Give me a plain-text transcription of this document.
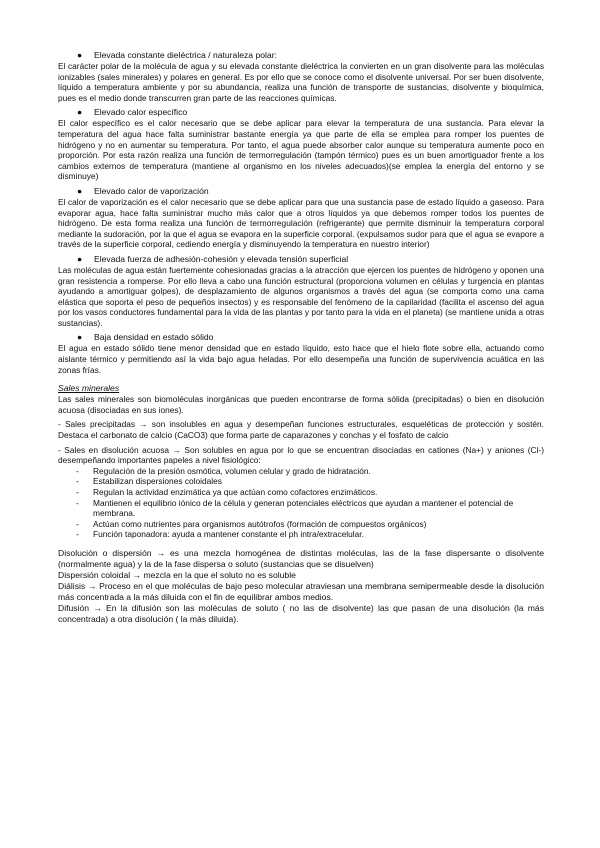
● Elevada constante dieléctrica / naturaleza polar:

El carácter polar de la molécula de agua y su elevada constante dieléctrica la convierten en un gran disolvente para las moléculas ionizables (sales minerales) y polares en general. Es por ello que se conoce como el disolvente universal. Por ser buen disolvente, líquido a temperatura ambiente y por su abundancia, realiza una función de transporte de sustancias, disolvente y bioquímica, pues es el medio donde transcurren gran parte de las reacciones químicas.

● Elevado calor específico

El calor específico es el calor necesario que se debe aplicar para elevar la temperatura de una sustancia. Para elevar la temperatura del agua hace falta suministrar bastante energía ya que parte de ella se emplea para romper los puentes de hidrógeno y no en aumentar su temperatura. Por tanto, el agua puede absorber calor aunque su temperatura aumente poco en proporción. Por esta razón realiza una función de termorregulación (tampón térmico) pues es un buen amortiguador frente a los cambios externos de temperatura (mantiene al organismo en los niveles adecuados)(se emplea la energía del entorno y se disminuye)

● Elevado calor de vaporización

El calor de vaporización es el calor necesario que se debe aplicar para que una sustancia pase de estado líquido a gaseoso. Para evaporar agua, hace falta suministrar mucho más calor que a otros líquidos ya que debemos romper todos los puentes de hidrógeno. De esta forma realiza una función de termorregulación (refrigerante) que permite disminuir la temperatura corporal mediante la sudoración, por la que el agua se evapora en la superficie corporal. (expulsamos sudor para que el agua se evapore a través de la superficie corporal, cediendo energía y disminuyendo la temperatura en nuestro interior)

● Elevada fuerza de adhesión-cohesión y elevada tensión superficial

Las moléculas de agua están fuertemente cohesionadas gracias a la atracción que ejercen los puentes de hidrógeno y oponen una gran resistencia a romperse. Por ello lleva a cabo una función estructural (proporciona volumen en células y turgencia en plantas ayudando a amortiguar golpes), de desplazamiento de algunos organismos a través del agua (se comporta como una cama elástica que soporta el peso de pequeños insectos) y es responsable del fenómeno de la capilaridad (facilita el ascenso del agua por los vasos conductores fundamental para la vida de las plantas y por tanto para la vida en el planeta) (se mantiene unida a otras sustancias).

● Baja densidad en estado sólido

El agua en estado sólido tiene menor densidad que en estado líquido, esto hace que el hielo flote sobre ella, actuando como aislante térmico y permitiendo así la vida bajo agua heladas. Por ello desempeña una función de supervivencia acuática en las zonas frías.

Sales minerales

Las sales minerales son biomoléculas inorgánicas que pueden encontrarse de forma sólida (precipitadas) o bien en disolución acuosa (disociadas en sus iones).

- Sales precipitadas → son insolubles en agua y desempeñan funciones estructurales, esqueléticas de protección y sostén. Destaca el carbonato de calcio (CaCO3) que forma parte de caparazones y conchas y el fosfato de calcio

- Sales en disolución acuosa → Son solubles en agua por lo que se encuentran disociadas en cationes (Na+) y aniones (Cl-) desempeñando importantes papeles a nivel fisiológico:

- Regulación de la presión osmótica, volumen celular y grado de hidratación.
- Estabilizan dispersiones coloidales
- Regulan la actividad enzimática ya que actúan como cofactores enzimáticos.
- Mantienen el equilibrio iónico de la célula y generan potenciales eléctricos que ayudan a mantener el potencial de membrana.
- Actúan como nutrientes para organismos autótrofos (formación de compuestos orgánicos)
- Función taponadora: ayuda a mantener constante el ph intra/extracelular.

Disolución o dispersión → es una mezcla homogénea de distintas moléculas, las de la fase dispersante o disolvente (normalmente agua) y la de la fase dispersa o soluto (sustancias que se disuelven)

Dispersión coloidal → mezcla en la que el soluto no es soluble

Diálisis → Proceso en el que moléculas de bajo peso molecular atraviesan una membrana semipermeable desde la disolución más concentrada a la más diluida con el fin de equilibrar ambos medios.

Difusión → En la difusión son las moléculas de soluto ( no las de disolvente) las que pasan de una disolución (la más concentrada) a otra disolución ( la más diluida).
